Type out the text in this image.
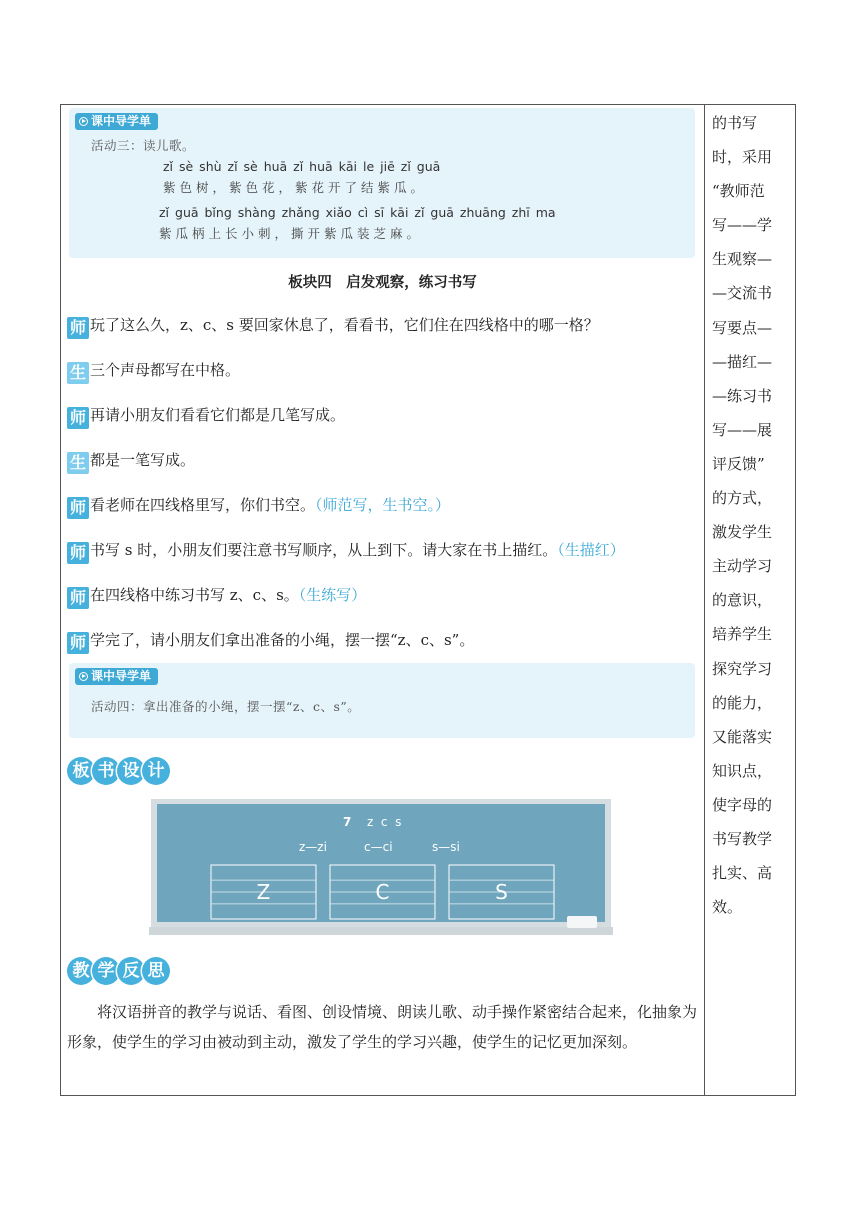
课中导学单
活动三：读儿歌。
zǐ sè shù zǐ sè huā zǐ huā kāi le jiē zǐ guā
紫色树，紫色花，紫花开了结紫瓜。
zǐ guā bǐng shàng zhǎng xiǎo cì sī kāi zǐ guā zhuāng zhī ma
紫瓜柄上长小刺，撕开紫瓜装芝麻。
板块四　启发观察，练习书写
师 玩了这么久，z、c、s 要回家休息了，看看书，它们住在四线格中的哪一格？
生 三个声母都写在中格。
师 再请小朋友们看看它们都是几笔写成。
生 都是一笔写成。
师 看老师在四线格里写，你们书空。（师范写，生书空。）
师 书写 s 时，小朋友们要注意书写顺序，从上到下。请大家在书上描红。（生描红）
师 在四线格中练习书写 z、c、s。（生练写）
师 学完了，请小朋友们拿出准备的小绳，摆一摆“z、c、s”。
课中导学单
活动四：拿出准备的小绳，摆一摆“z、c、s”。
板 书 设 计
7 z  c  s
z—zi	c—ci	s—si
Z	C	S
教 学 反 思
将汉语拼音的教学与说话、看图、创设情境、朗读儿歌、动手操作紧密结合起来，化抽象为形象，使学生的学习由被动到主动，激发了学生的学习兴趣，使学生的记忆更加深刻。
的书写
时，采用
“教师范
写——学
生观察—
—交流书
写要点—
—描红—
—练习书
写——展
评反馈”
的方式，
激发学生
主动学习
的意识，
培养学生
探究学习
的能力，
又能落实
知识点，
使字母的
书写教学
扎实、高
效。
